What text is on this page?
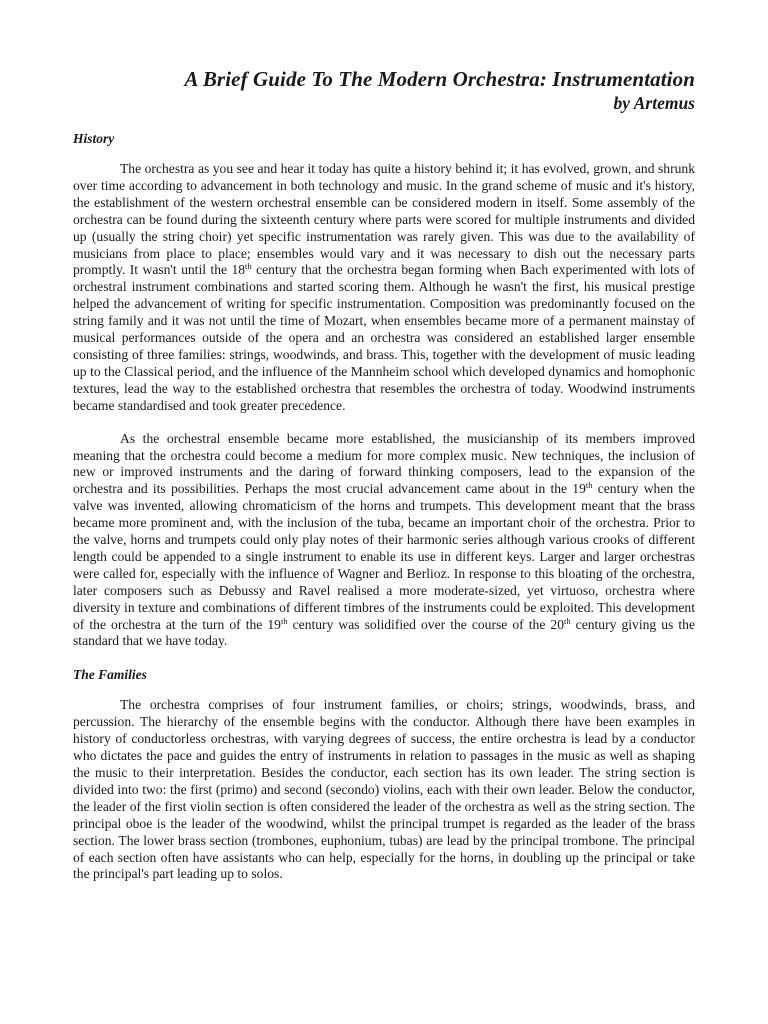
A Brief Guide To The Modern Orchestra: Instrumentation
by Artemus
History

The orchestra as you see and hear it today has quite a history behind it; it has evolved, grown, and shrunk over time according to advancement in both technology and music. In the grand scheme of music and it's history, the establishment of the western orchestral ensemble can be considered modern in itself. Some assembly of the orchestra can be found during the sixteenth century where parts were scored for multiple instruments and divided up (usually the string choir) yet specific instrumentation was rarely given. This was due to the availability of musicians from place to place; ensembles would vary and it was necessary to dish out the necessary parts promptly. It wasn't until the 18th century that the orchestra began forming when Bach experimented with lots of orchestral instrument combinations and started scoring them. Although he wasn't the first, his musical prestige helped the advancement of writing for specific instrumentation. Composition was predominantly focused on the string family and it was not until the time of Mozart, when ensembles became more of a permanent mainstay of musical performances outside of the opera and an orchestra was considered an established larger ensemble consisting of three families: strings, woodwinds, and brass. This, together with the development of music leading up to the Classical period, and the influence of the Mannheim school which developed dynamics and homophonic textures, lead the way to the established orchestra that resembles the orchestra of today. Woodwind instruments became standardised and took greater precedence.

As the orchestral ensemble became more established, the musicianship of its members improved meaning that the orchestra could become a medium for more complex music. New techniques, the inclusion of new or improved instruments and the daring of forward thinking composers, lead to the expansion of the orchestra and its possibilities. Perhaps the most crucial advancement came about in the 19th century when the valve was invented, allowing chromaticism of the horns and trumpets. This development meant that the brass became more prominent and, with the inclusion of the tuba, became an important choir of the orchestra. Prior to the valve, horns and trumpets could only play notes of their harmonic series although various crooks of different length could be appended to a single instrument to enable its use in different keys. Larger and larger orchestras were called for, especially with the influence of Wagner and Berlioz. In response to this bloating of the orchestra, later composers such as Debussy and Ravel realised a more moderate-sized, yet virtuoso, orchestra where diversity in texture and combinations of different timbres of the instruments could be exploited. This development of the orchestra at the turn of the 19th century was solidified over the course of the 20th century giving us the standard that we have today.

The Families

The orchestra comprises of four instrument families, or choirs; strings, woodwinds, brass, and percussion. The hierarchy of the ensemble begins with the conductor. Although there have been examples in history of conductorless orchestras, with varying degrees of success, the entire orchestra is lead by a conductor who dictates the pace and guides the entry of instruments in relation to passages in the music as well as shaping the music to their interpretation. Besides the conductor, each section has its own leader. The string section is divided into two: the first (primo) and second (secondo) violins, each with their own leader. Below the conductor, the leader of the first violin section is often considered the leader of the orchestra as well as the string section. The principal oboe is the leader of the woodwind, whilst the principal trumpet is regarded as the leader of the brass section. The lower brass section (trombones, euphonium, tubas) are lead by the principal trombone. The principal of each section often have assistants who can help, especially for the horns, in doubling up the principal or take the principal's part leading up to solos.
